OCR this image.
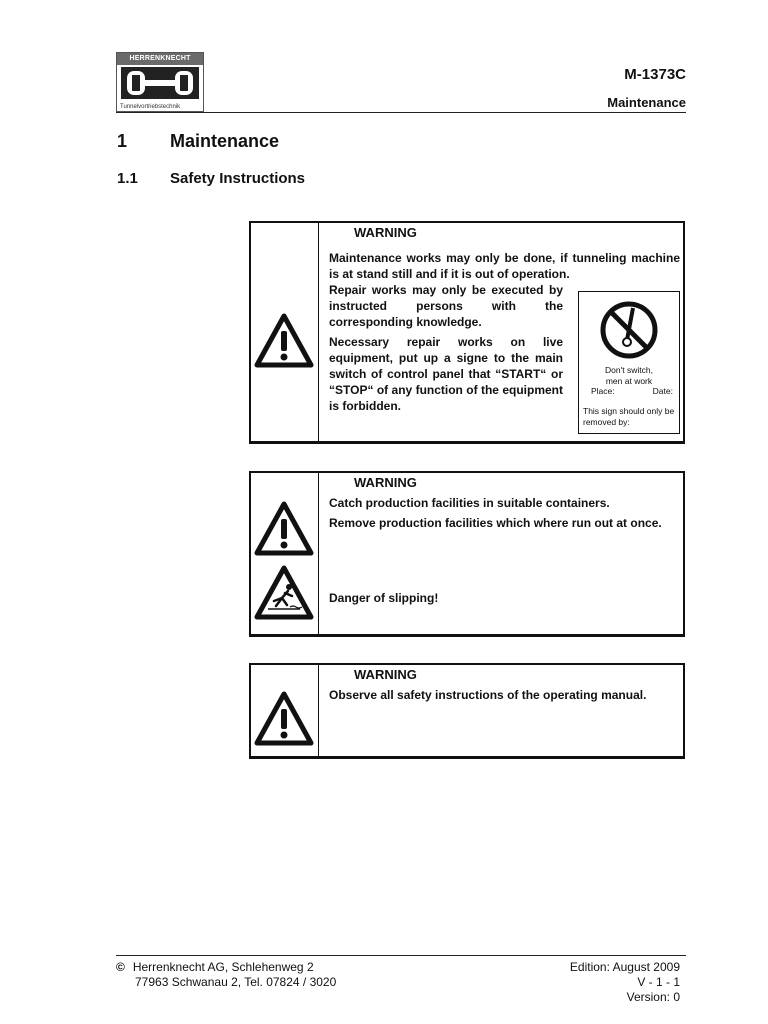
HERRENKNECHT
Tunnelvortriebstechnik
M-1373C
Maintenance
1 Maintenance
1.1 Safety Instructions
WARNING

Maintenance works may only be done, if tunneling machine is at stand still and if it is out of operation.

Repair works may only be executed by instructed persons with the corresponding knowledge.

Necessary repair works on live equipment, put up a signe to the main switch of control panel that “START“ or “STOP“ of any function of the equipment is forbidden.

Don't switch,
men at work
Place:	Date:
This sign should only be removed by:
WARNING

Catch production facilities in suitable containers.

Remove production facilities which where run out at once.

Danger of slipping!

WARNING

Observe all safety instructions of the operating manual.

© Herrenknecht AG, Schlehenweg 2
77963 Schwanau 2, Tel. 07824 / 3020
Edition: August 2009
V - 1 - 1
Version: 0
